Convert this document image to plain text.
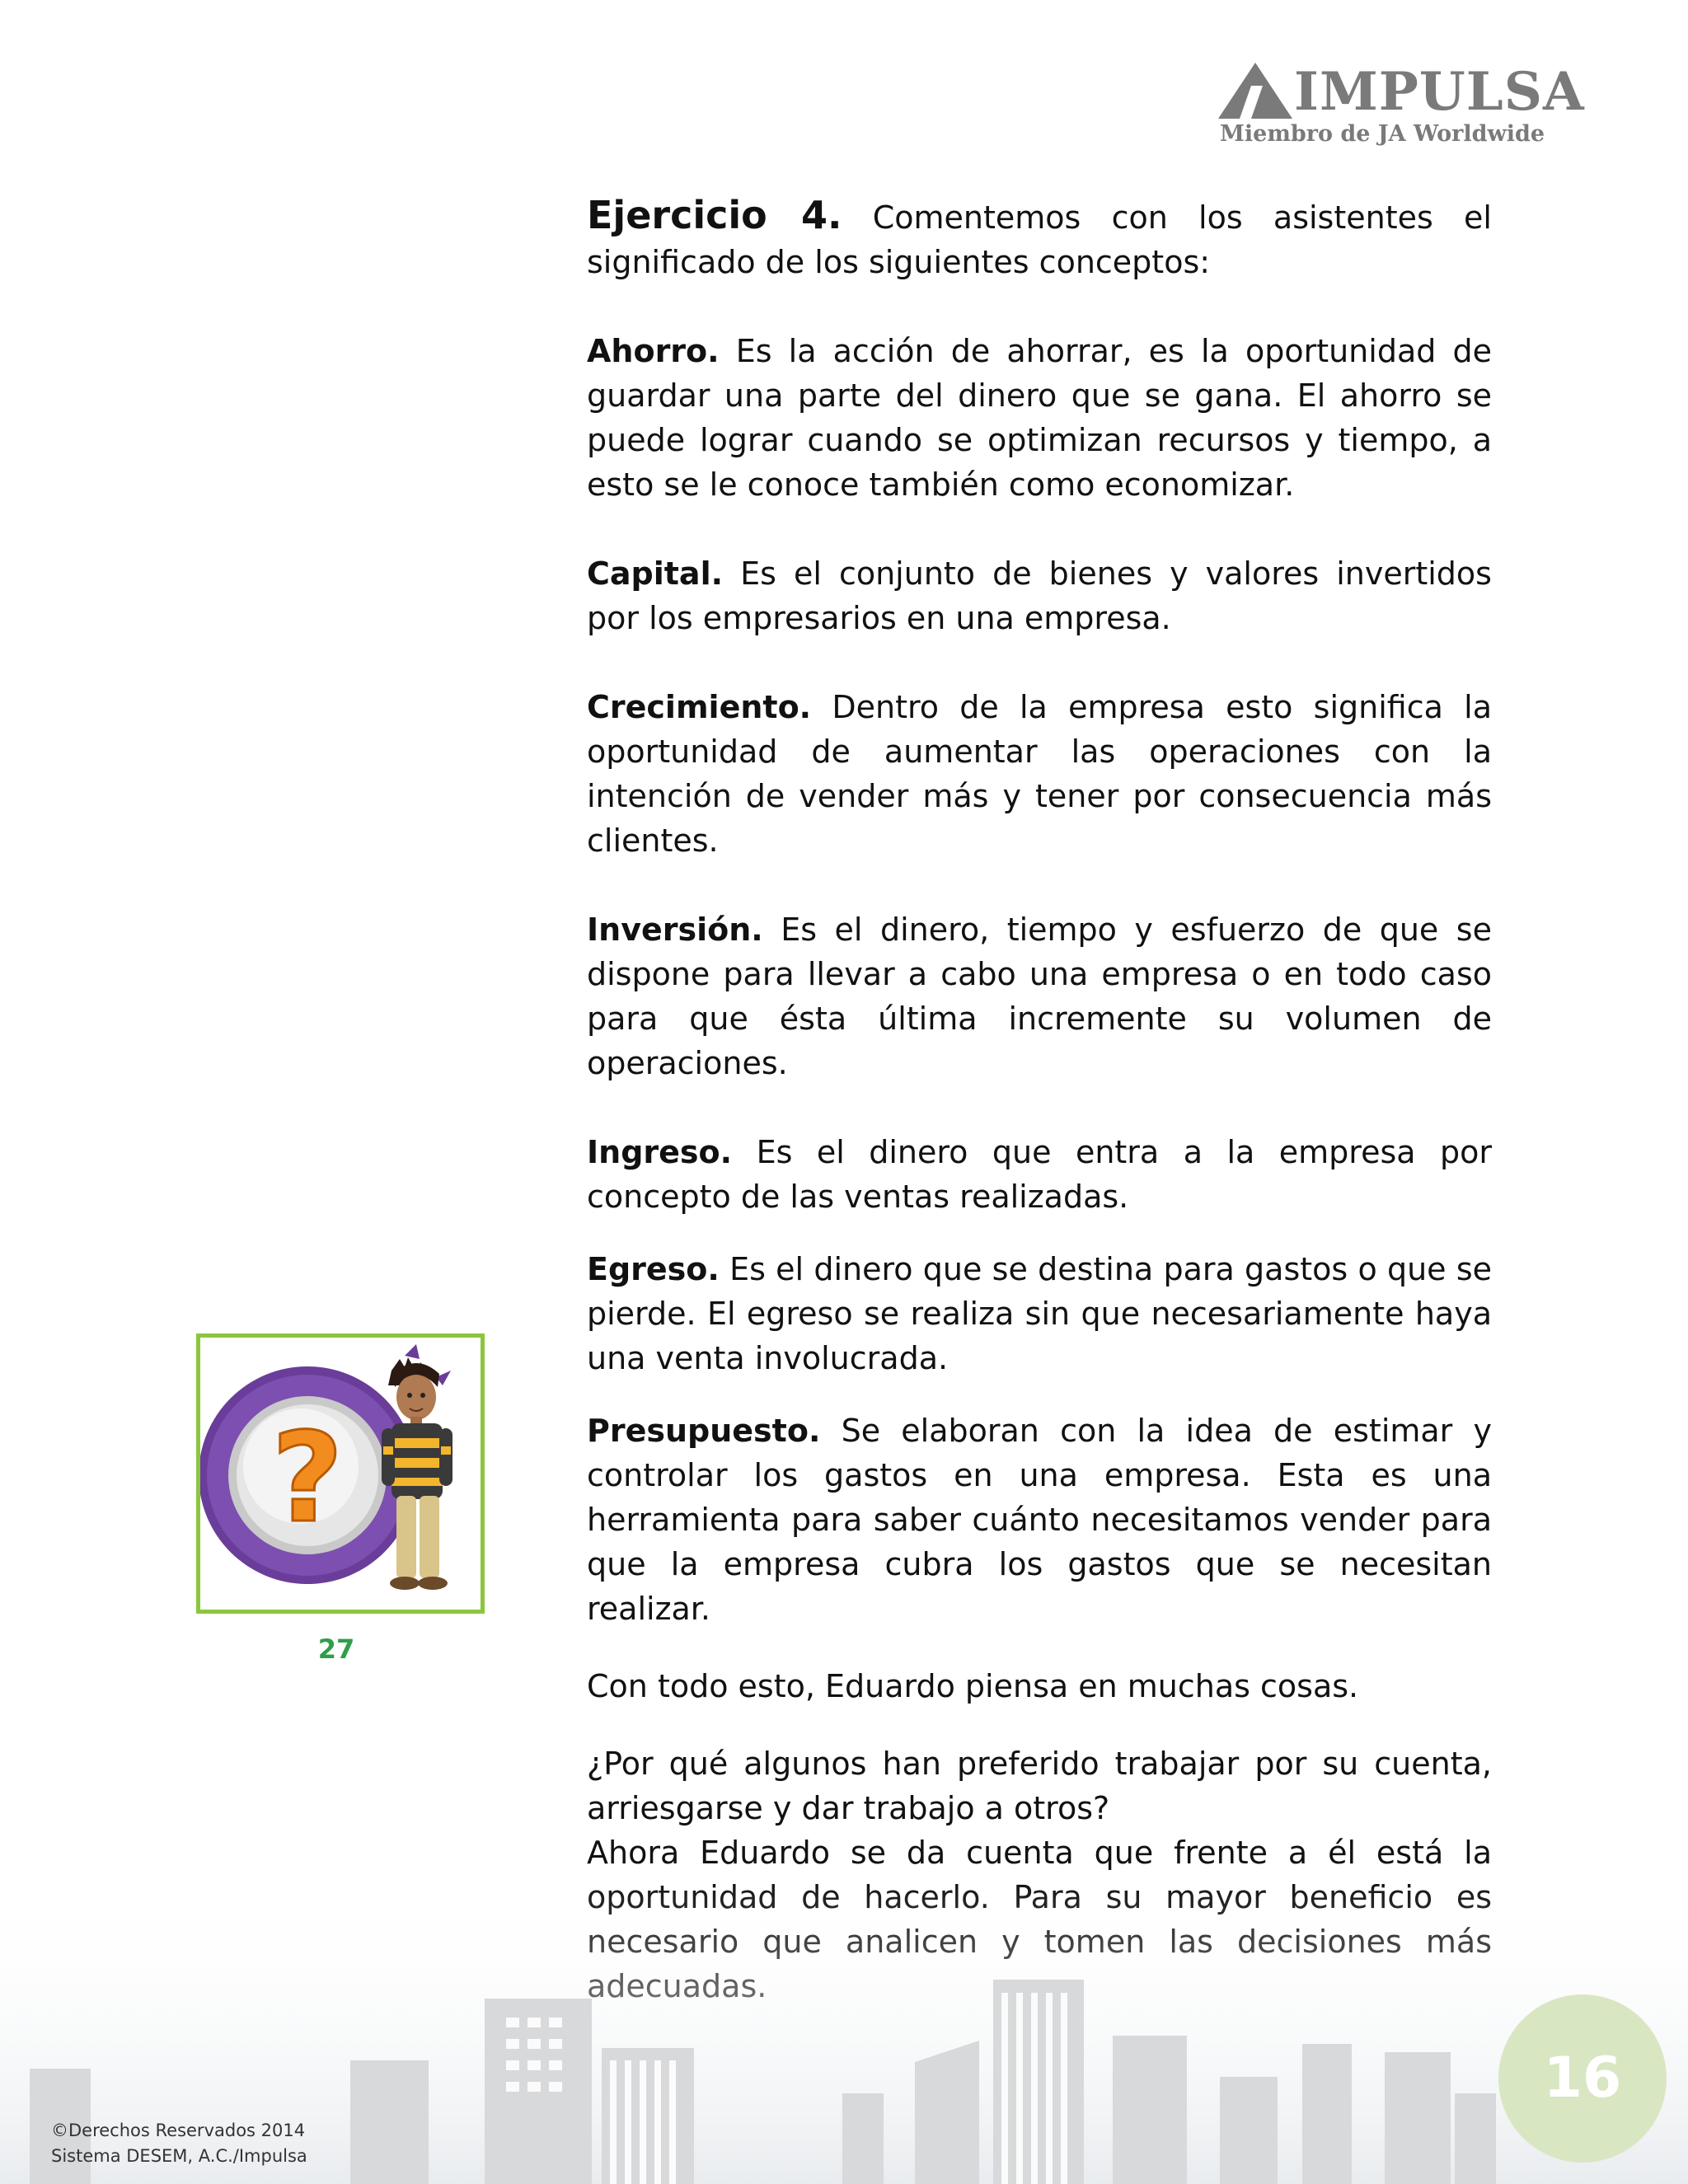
IMPULSA
Miembro de JA Worldwide

Ejercicio 4. Comentemos con los asistentes el significado de los siguientes conceptos:

Ahorro. Es la acción de ahorrar, es la oportunidad de guardar una parte del dinero que se gana. El ahorro se puede lograr cuando se optimizan recursos y tiempo, a esto se le conoce también como economizar.

Capital. Es el conjunto de bienes y valores invertidos por los empresarios en una empresa.

Crecimiento. Dentro de la empresa esto significa la oportunidad de aumentar las operaciones con la intención de vender más y tener por consecuencia más clientes.

Inversión. Es el dinero, tiempo y esfuerzo de que se dispone para llevar a cabo una empresa o en todo caso para que ésta última incremente su volumen de operaciones.

Ingreso. Es el dinero que entra a la empresa por concepto de las ventas realizadas.

Egreso. Es el dinero que se destina para gastos o que se pierde. El egreso se realiza sin que necesariamente haya una venta involucrada.

Presupuesto. Se elaboran con la idea de estimar y controlar los gastos en una empresa. Esta es una herramienta para saber cuánto necesitamos vender para que la empresa cubra los gastos que se necesitan realizar.

Con todo esto, Eduardo piensa en muchas cosas.

¿Por qué algunos han preferido trabajar por su cuenta, arriesgarse y dar trabajo a otros?

Ahora Eduardo se da cuenta que frente a él está la

?
27
16
©Derechos Reservados 2014
Sistema DESEM, A.C./Impulsa
